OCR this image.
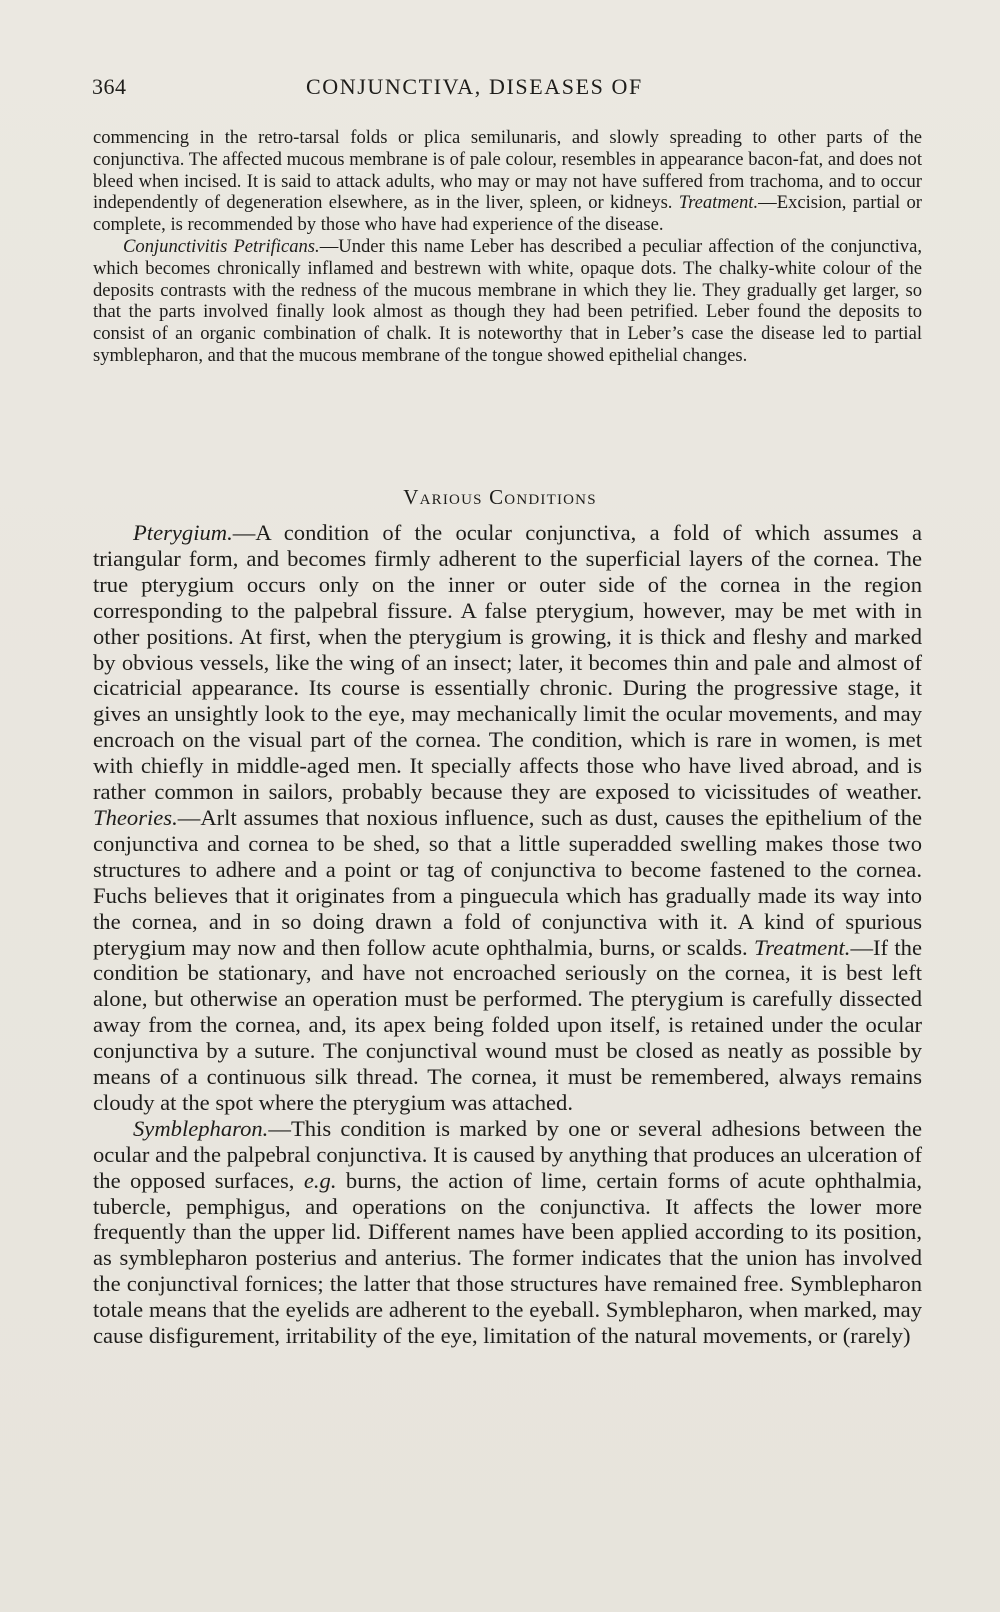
364	CONJUNCTIVA, DISEASES OF

commencing in the retro-tarsal folds or plica semilunaris, and slowly spreading to other parts of the conjunctiva. The affected mucous membrane is of pale colour, resembles in appearance bacon-fat, and does not bleed when incised. It is said to attack adults, who may or may not have suffered from trachoma, and to occur independently of degeneration elsewhere, as in the liver, spleen, or kidneys. Treatment.—Excision, partial or complete, is recommended by those who have had experience of the disease.

Conjunctivitis Petrificans.—Under this name Leber has described a peculiar affection of the conjunctiva, which becomes chronically inflamed and bestrewn with white, opaque dots. The chalky-white colour of the deposits contrasts with the redness of the mucous membrane in which they lie. They gradually get larger, so that the parts involved finally look almost as though they had been petrified. Leber found the deposits to consist of an organic combination of chalk. It is noteworthy that in Leber’s case the disease led to partial symblepharon, and that the mucous membrane of the tongue showed epithelial changes.

Various Conditions

Pterygium.—A condition of the ocular conjunctiva, a fold of which assumes a triangular form, and becomes firmly adherent to the superficial layers of the cornea. The true pterygium occurs only on the inner or outer side of the cornea in the region corresponding to the palpebral fissure. A false pterygium, however, may be met with in other positions. At first, when the pterygium is growing, it is thick and fleshy and marked by obvious vessels, like the wing of an insect; later, it becomes thin and pale and almost of cicatricial appearance. Its course is essentially chronic. During the progressive stage, it gives an unsightly look to the eye, may mechanically limit the ocular movements, and may encroach on the visual part of the cornea. The condition, which is rare in women, is met with chiefly in middle-aged men. It specially affects those who have lived abroad, and is rather common in sailors, probably because they are exposed to vicissitudes of weather. Theories.—Arlt assumes that noxious influence, such as dust, causes the epithelium of the conjunctiva and cornea to be shed, so that a little superadded swelling makes those two structures to adhere and a point or tag of conjunctiva to become fastened to the cornea. Fuchs believes that it originates from a pinguecula which has gradually made its way into the cornea, and in so doing drawn a fold of conjunctiva with it. A kind of spurious pterygium may now and then follow acute ophthalmia, burns, or scalds. Treatment.—If the condition be stationary, and have not encroached seriously on the cornea, it is best left alone, but otherwise an operation must be performed. The pterygium is carefully dissected away from the cornea, and, its apex being folded upon itself, is retained under the ocular conjunctiva by a suture. The conjunctival wound must be closed as neatly as possible by means of a continuous silk thread. The cornea, it must be remembered, always remains cloudy at the spot where the pterygium was attached.

Symblepharon.—This condition is marked by one or several adhesions between the ocular and the palpebral conjunctiva. It is caused by anything that produces an ulceration of the opposed surfaces, e.g. burns, the action of lime, certain forms of acute ophthalmia, tubercle, pemphigus, and operations on the conjunctiva. It affects the lower more frequently than the upper lid. Different names have been applied according to its position, as symblepharon posterius and anterius. The former indicates that the union has involved the conjunctival fornices; the latter that those structures have remained free. Symblepharon totale means that the eyelids are adherent to the eyeball. Symblepharon, when marked, may cause disfigurement, irritability of the eye, limitation of the natural movements, or (rarely)
